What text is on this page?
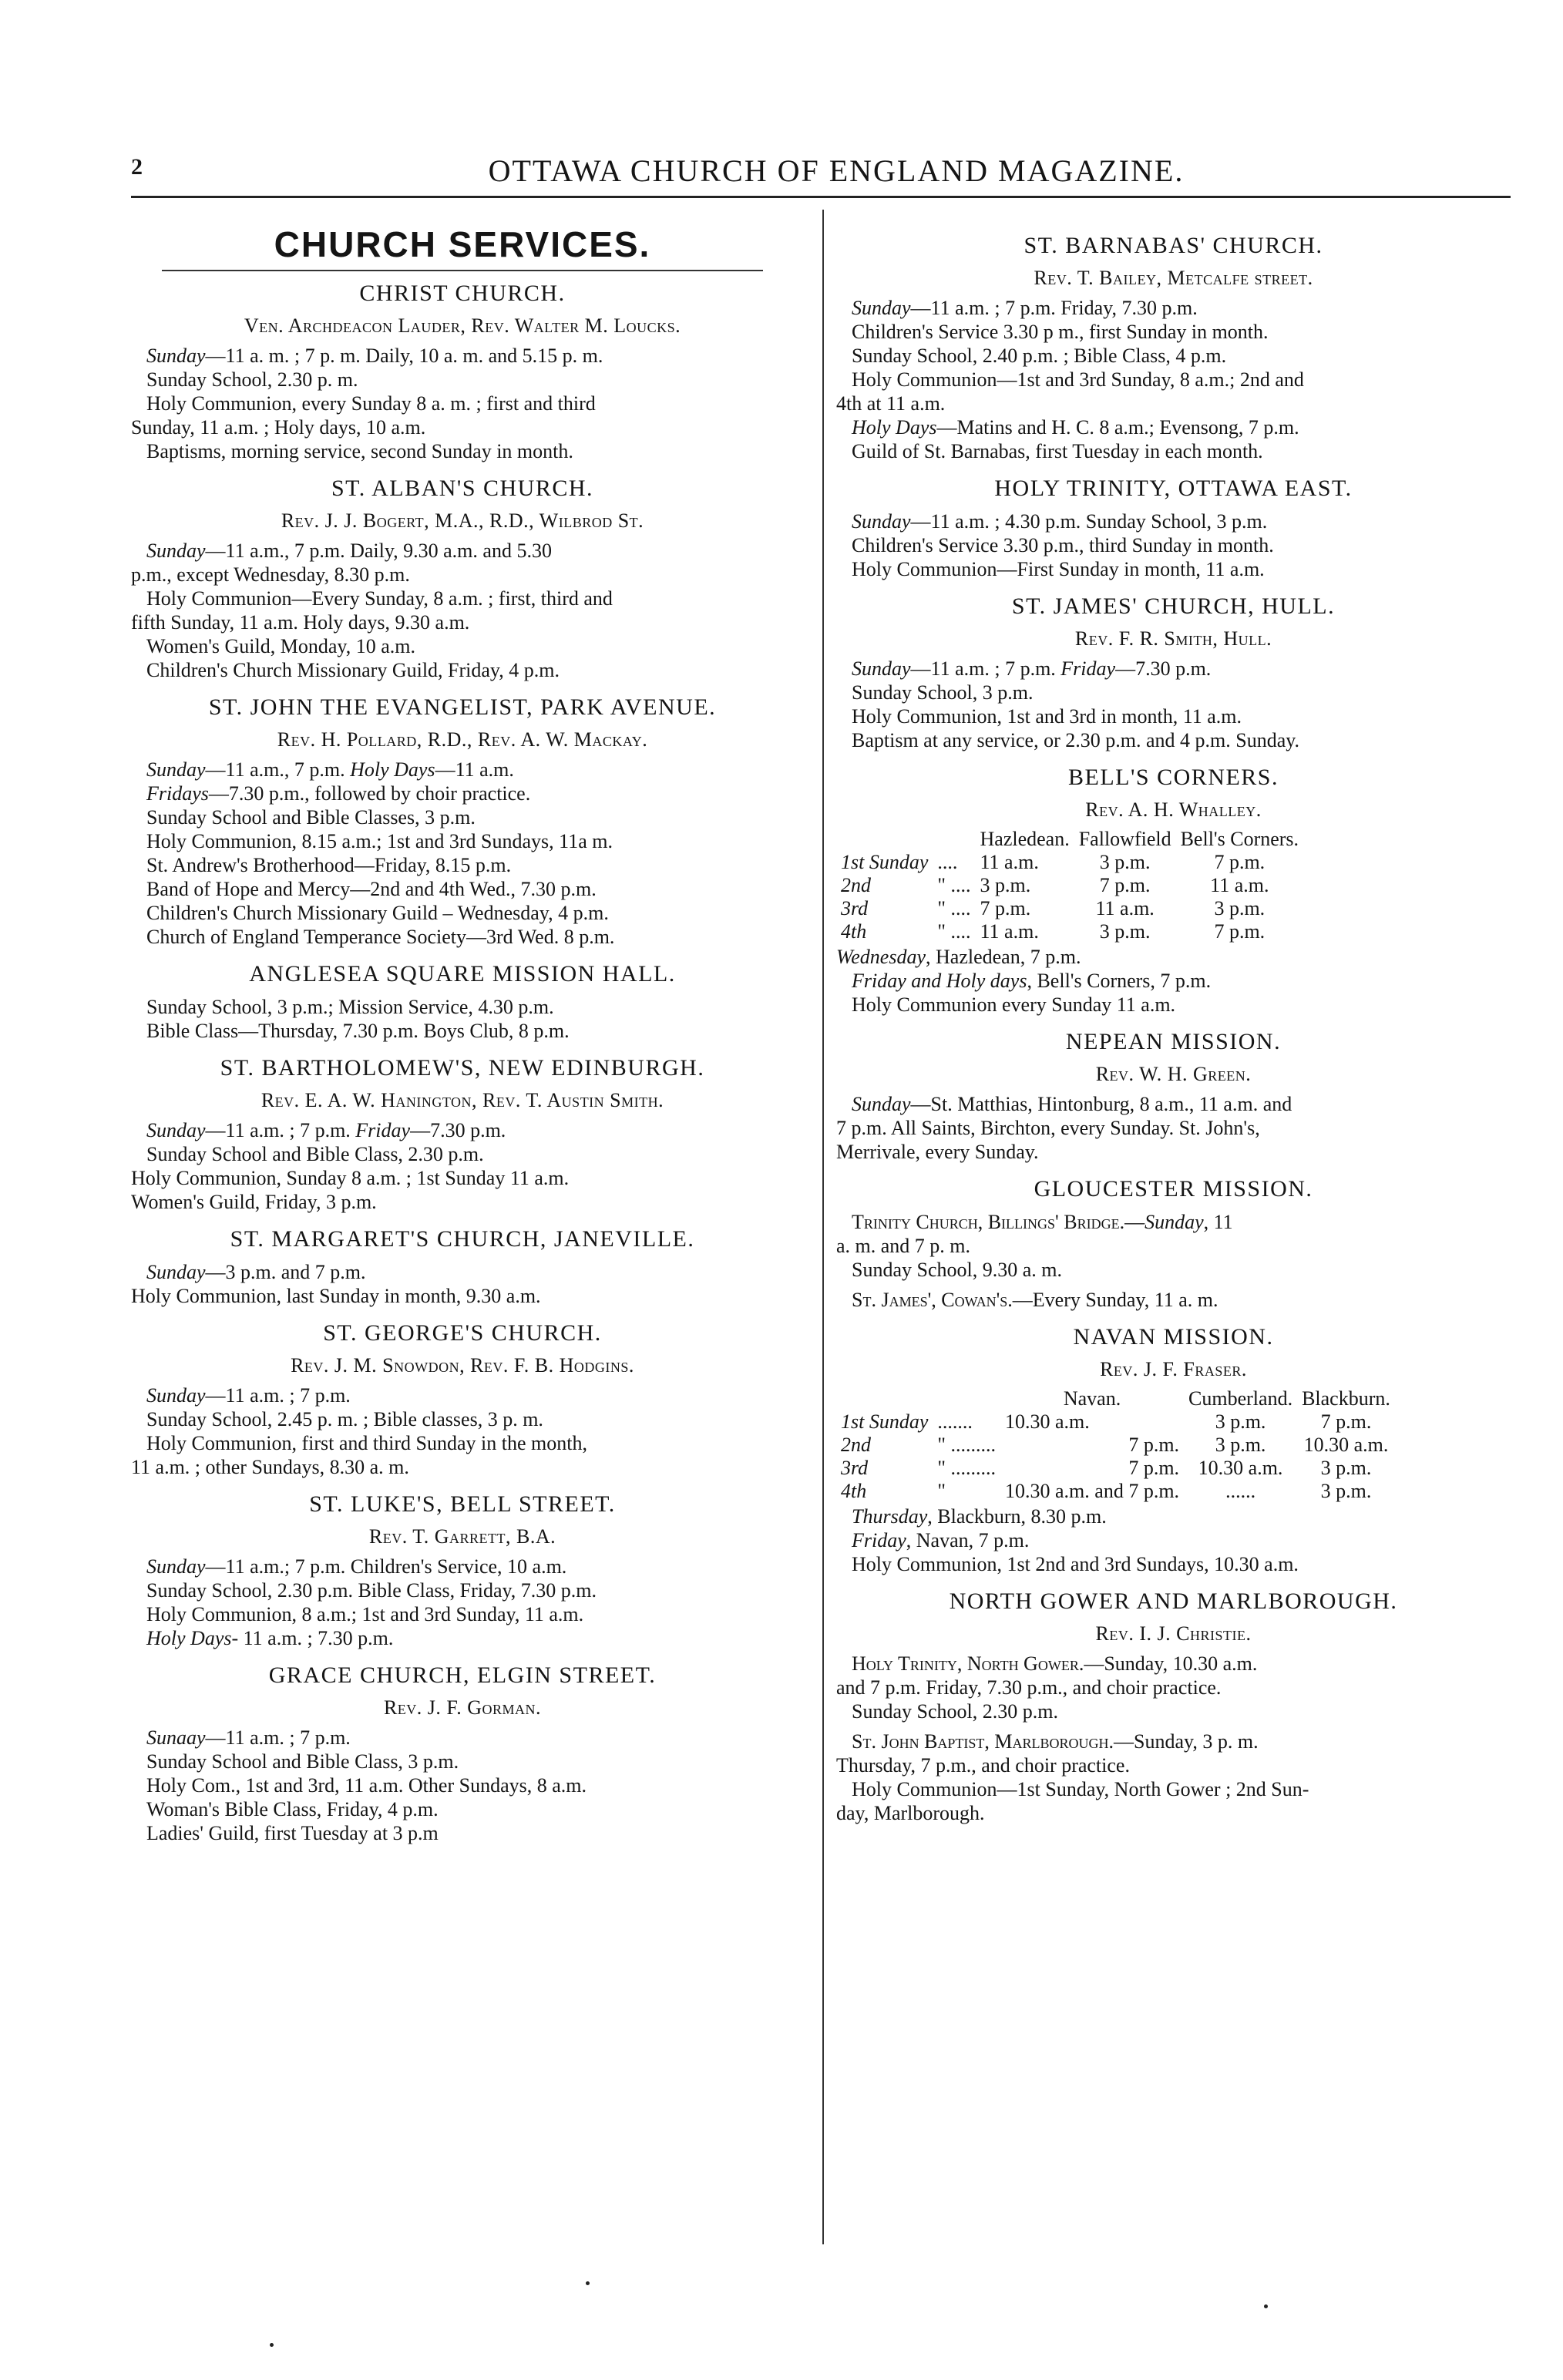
2	OTTAWA CHURCH OF ENGLAND MAGAZINE.
CHURCH SERVICES.
CHRIST CHURCH.
Ven. Archdeacon Lauder, Rev. Walter M. Loucks.

Sunday—11 a. m. ; 7 p. m. Daily, 10 a. m. and 5.15 p. m.

Sunday School, 2.30 p. m.

Holy Communion, every Sunday 8 a. m. ; first and third

Sunday, 11 a.m. ; Holy days, 10 a.m.

Baptisms, morning service, second Sunday in month.

ST. ALBAN'S CHURCH.
Rev. J. J. Bogert, M.A., R.D., Wilbrod St.

Sunday—11 a.m., 7 p.m. Daily, 9.30 a.m. and 5.30

p.m., except Wednesday, 8.30 p.m.

Holy Communion—Every Sunday, 8 a.m. ; first, third and

fifth Sunday, 11 a.m. Holy days, 9.30 a.m.

Women's Guild, Monday, 10 a.m.

Children's Church Missionary Guild, Friday, 4 p.m.

ST. JOHN THE EVANGELIST, PARK AVENUE.
Rev. H. Pollard, R.D., Rev. A. W. Mackay.

Sunday—11 a.m., 7 p.m. Holy Days—11 a.m.

Fridays—7.30 p.m., followed by choir practice.

Sunday School and Bible Classes, 3 p.m.

Holy Communion, 8.15 a.m.; 1st and 3rd Sundays, 11a m.

St. Andrew's Brotherhood—Friday, 8.15 p.m.

Band of Hope and Mercy—2nd and 4th Wed., 7.30 p.m.

Children's Church Missionary Guild – Wednesday, 4 p.m.

Church of England Temperance Society—3rd Wed. 8 p.m.

ANGLESEA SQUARE MISSION HALL.

Sunday School, 3 p.m.; Mission Service, 4.30 p.m.

Bible Class—Thursday, 7.30 p.m. Boys Club, 8 p.m.

ST. BARTHOLOMEW'S, NEW EDINBURGH.
Rev. E. A. W. Hanington, Rev. T. Austin Smith.

Sunday—11 a.m. ; 7 p.m. Friday—7.30 p.m.

Sunday School and Bible Class, 2.30 p.m.

Holy Communion, Sunday 8 a.m. ; 1st Sunday 11 a.m.

Women's Guild, Friday, 3 p.m.

ST. MARGARET'S CHURCH, JANEVILLE.

Sunday—3 p.m. and 7 p.m.

Holy Communion, last Sunday in month, 9.30 a.m.

ST. GEORGE'S CHURCH.
Rev. J. M. Snowdon, Rev. F. B. Hodgins.

Sunday—11 a.m. ; 7 p.m.

Sunday School, 2.45 p. m. ; Bible classes, 3 p. m.

Holy Communion, first and third Sunday in the month,

11 a.m. ; other Sundays, 8.30 a. m.

ST. LUKE'S, BELL STREET.
Rev. T. Garrett, B.A.

Sunday—11 a.m.; 7 p.m. Children's Service, 10 a.m.

Sunday School, 2.30 p.m. Bible Class, Friday, 7.30 p.m.

Holy Communion, 8 a.m.; 1st and 3rd Sunday, 11 a.m.

Holy Days- 11 a.m. ; 7.30 p.m.

GRACE CHURCH, ELGIN STREET.
Rev. J. F. Gorman.

Sunaay—11 a.m. ; 7 p.m.

Sunday School and Bible Class, 3 p.m.

Holy Com., 1st and 3rd, 11 a.m. Other Sundays, 8 a.m.

Woman's Bible Class, Friday, 4 p.m.

Ladies' Guild, first Tuesday at 3 p.m

ST. BARNABAS' CHURCH.
Rev. T. Bailey, Metcalfe street.

Sunday—11 a.m. ; 7 p.m. Friday, 7.30 p.m.

Children's Service 3.30 p m., first Sunday in month.

Sunday School, 2.40 p.m. ; Bible Class, 4 p.m.

Holy Communion—1st and 3rd Sunday, 8 a.m.; 2nd and

4th at 11 a.m.

Holy Days—Matins and H. C. 8 a.m.; Evensong, 7 p.m.

Guild of St. Barnabas, first Tuesday in each month.

HOLY TRINITY, OTTAWA EAST.

Sunday—11 a.m. ; 4.30 p.m. Sunday School, 3 p.m.

Children's Service 3.30 p.m., third Sunday in month.

Holy Communion—First Sunday in month, 11 a.m.

ST. JAMES' CHURCH, HULL.
Rev. F. R. Smith, Hull.

Sunday—11 a.m. ; 7 p.m. Friday—7.30 p.m.

Sunday School, 3 p.m.

Holy Communion, 1st and 3rd in month, 11 a.m.

Baptism at any service, or 2.30 p.m. and 4 p.m. Sunday.

BELL'S CORNERS.
Rev. A. H. Whalley.
		Hazledean.	Fallowfield	Bell's Corners.
1st Sunday	....	11 a.m.	3 p.m.	7 p.m.
2nd	" ....	3 p.m.	7 p.m.	11 a.m.
3rd	" ....	7 p.m.	11 a.m.	3 p.m.
4th	" ....	11 a.m.	3 p.m.	7 p.m.

Wednesday, Hazledean, 7 p.m.

Friday and Holy days, Bell's Corners, 7 p.m.

Holy Communion every Sunday 11 a.m.

NEPEAN MISSION.
Rev. W. H. Green.

Sunday—St. Matthias, Hintonburg, 8 a.m., 11 a.m. and

7 p.m. All Saints, Birchton, every Sunday. St. John's,

Merrivale, every Sunday.

GLOUCESTER MISSION.

Trinity Church, Billings' Bridge.—Sunday, 11

a. m. and 7 p. m.

Sunday School, 9.30 a. m.

St. James', Cowan's.—Every Sunday, 11 a. m.

NAVAN MISSION.
Rev. J. F. Fraser.
		Navan.	Cumberland.	Blackburn.
1st Sunday	.......	10.30 a.m.	3 p.m.	7 p.m.
2nd	" .........	7 p.m.	3 p.m.	10.30 a.m.
3rd	" .........	7 p.m.	10.30 a.m.	3 p.m.
4th	"	10.30 a.m. and 7 p.m.	......	3 p.m.

Thursday, Blackburn, 8.30 p.m.

Friday, Navan, 7 p.m.

Holy Communion, 1st 2nd and 3rd Sundays, 10.30 a.m.

NORTH GOWER AND MARLBOROUGH.
Rev. I. J. Christie.

Holy Trinity, North Gower.—Sunday, 10.30 a.m.

and 7 p.m. Friday, 7.30 p.m., and choir practice.

Sunday School, 2.30 p.m.

St. John Baptist, Marlborough.—Sunday, 3 p. m.

Thursday, 7 p.m., and choir practice.

Holy Communion—1st Sunday, North Gower ; 2nd Sun-

day, Marlborough.
